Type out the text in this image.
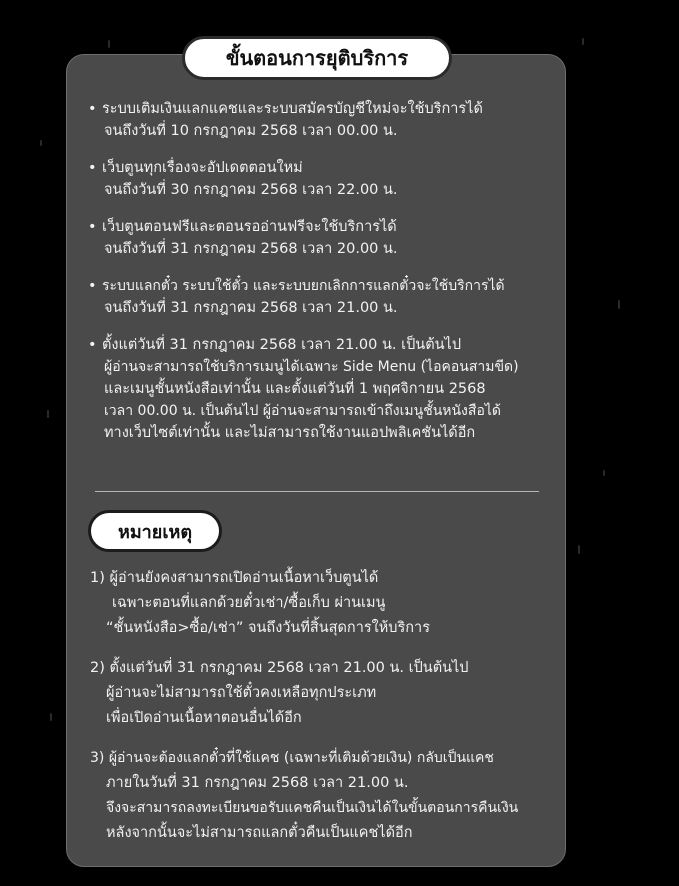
ขั้นตอนการยุติบริการ
• ระบบเติมเงินแลกแคชและระบบสมัครบัญชีใหม่จะใช้บริการได้
จนถึงวันที่ 10 กรกฎาคม 2568 เวลา 00.00 น.
• เว็บตูนทุกเรื่องจะอัปเดตตอนใหม่
จนถึงวันที่ 30 กรกฎาคม 2568 เวลา 22.00 น.
• เว็บตูนตอนฟรีและตอนรออ่านฟรีจะใช้บริการได้
จนถึงวันที่ 31 กรกฎาคม 2568 เวลา 20.00 น.
• ระบบแลกตั๋ว ระบบใช้ตั๋ว และระบบยกเลิกการแลกตั๋วจะใช้บริการได้
จนถึงวันที่ 31 กรกฎาคม 2568 เวลา 21.00 น.
• ตั้งแต่วันที่ 31 กรกฎาคม 2568 เวลา 21.00 น. เป็นต้นไป
ผู้อ่านจะสามารถใช้บริการเมนูได้เฉพาะ Side Menu (ไอคอนสามขีด)
และเมนูชั้นหนังสือเท่านั้น และตั้งแต่วันที่ 1 พฤศจิกายน 2568
เวลา 00.00 น. เป็นต้นไป ผู้อ่านจะสามารถเข้าถึงเมนูชั้นหนังสือได้
ทางเว็บไซต์เท่านั้น และไม่สามารถใช้งานแอปพลิเคชันได้อีก
หมายเหตุ
1) ผู้อ่านยังคงสามารถเปิดอ่านเนื้อหาเว็บตูนได้
เฉพาะตอนที่แลกด้วยตั๋วเช่า/ซื้อเก็บ ผ่านเมนู
“ชั้นหนังสือ>ซื้อ/เช่า” จนถึงวันที่สิ้นสุดการให้บริการ
2) ตั้งแต่วันที่ 31 กรกฎาคม 2568 เวลา 21.00 น. เป็นต้นไป
ผู้อ่านจะไม่สามารถใช้ตั๋วคงเหลือทุกประเภท
เพื่อเปิดอ่านเนื้อหาตอนอื่นได้อีก
3) ผู้อ่านจะต้องแลกตั๋วที่ใช้แคช (เฉพาะที่เติมด้วยเงิน) กลับเป็นแคช
ภายในวันที่ 31 กรกฎาคม 2568 เวลา 21.00 น.
จึงจะสามารถลงทะเบียนขอรับแคชคืนเป็นเงินได้ในขั้นตอนการคืนเงิน
หลังจากนั้นจะไม่สามารถแลกตั๋วคืนเป็นแคชได้อีก
